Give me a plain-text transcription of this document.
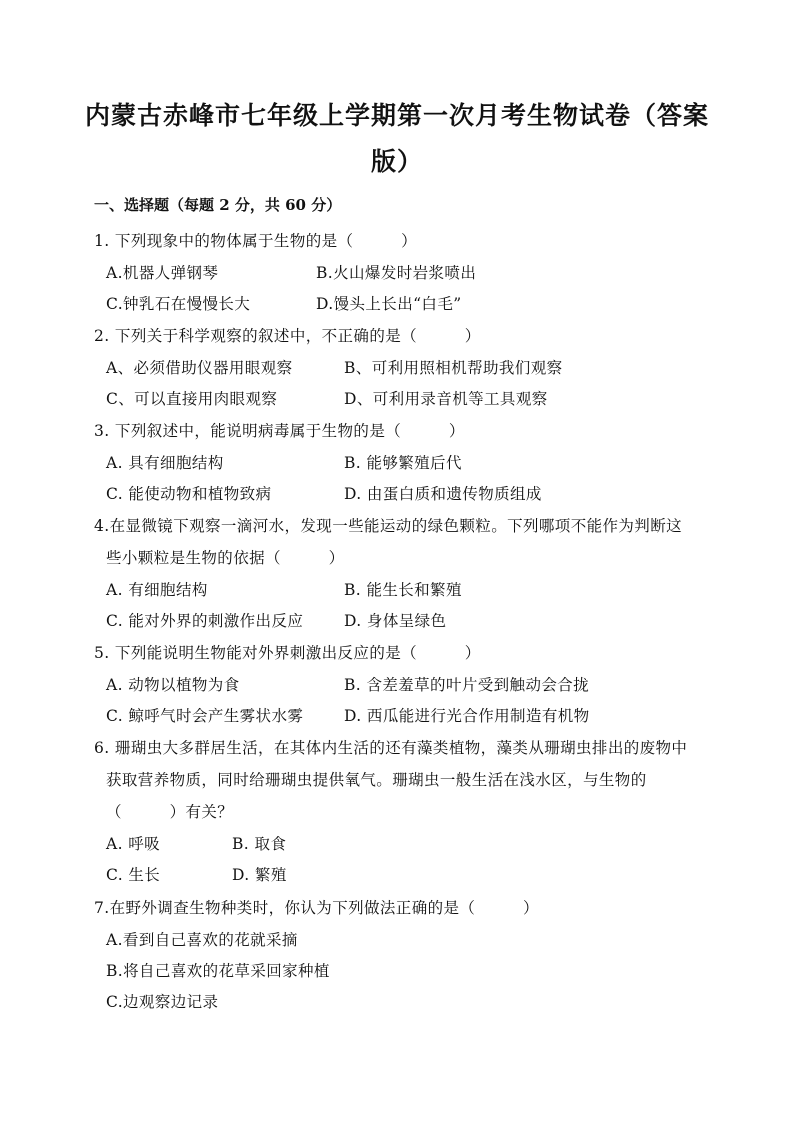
内蒙古赤峰市七年级上学期第一次月考生物试卷（答案
版）
一、选择题（每题 2 分，共 60 分）
1. 下列现象中的物体属于生物的是（　　　）
A.机器人弹钢琴	B.火山爆发时岩浆喷出
C.钟乳石在慢慢长大	D.馒头上长出“白毛”
2. 下列关于科学观察的叙述中，不正确的是（　　　）
A、必须借助仪器用眼观察	B、可利用照相机帮助我们观察
C、可以直接用肉眼观察	D、可利用录音机等工具观察
3. 下列叙述中，能说明病毒属于生物的是（　　　）
A. 具有细胞结构	B. 能够繁殖后代
C. 能使动物和植物致病	D. 由蛋白质和遗传物质组成
4.在显微镜下观察一滴河水，发现一些能运动的绿色颗粒。下列哪项不能作为判断这
些小颗粒是生物的依据（　　　）
A. 有细胞结构	B. 能生长和繁殖
C. 能对外界的刺激作出反应	D. 身体呈绿色
5. 下列能说明生物能对外界刺激出反应的是（　　　）
A. 动物以植物为食	B. 含差羞草的叶片受到触动会合拢
C. 鲸呼气时会产生雾状水雾	D. 西瓜能进行光合作用制造有机物
6. 珊瑚虫大多群居生活，在其体内生活的还有藻类植物，藻类从珊瑚虫排出的废物中
获取营养物质，同时给珊瑚虫提供氧气。珊瑚虫一般生活在浅水区，与生物的
（　　　）有关？
A. 呼吸	B. 取食
C. 生长	D. 繁殖
7.在野外调查生物种类时，你认为下列做法正确的是（　　　）
A.看到自己喜欢的花就采摘
B.将自己喜欢的花草采回家种植
C.边观察边记录
